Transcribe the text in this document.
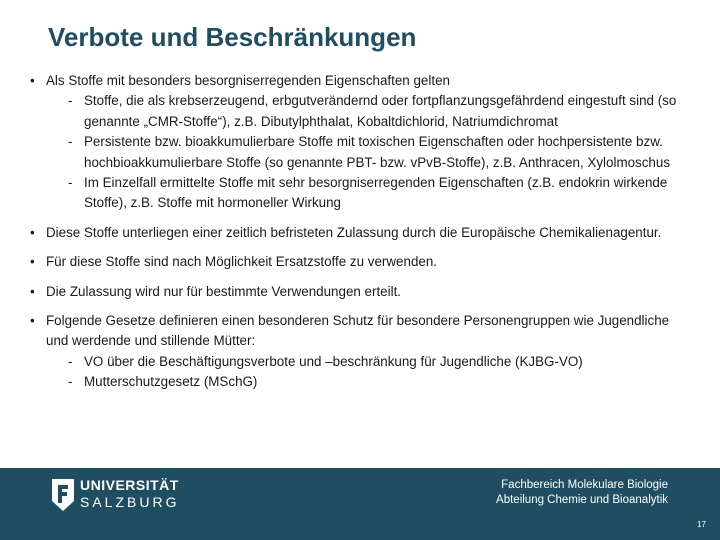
Verbote und Beschränkungen
• Als Stoffe mit besonders besorgniserregenden Eigenschaften gelten
- Stoffe, die als krebserzeugend, erbgutverändernd oder fortpflanzungsgefährdend eingestuft sind (so genannte „CMR-Stoffe“), z.B. Dibutylphthalat, Kobaltdichlorid, Natriumdichromat
- Persistente bzw. bioakkumulierbare Stoffe mit toxischen Eigenschaften oder hochpersistente bzw. hochbioakkumulierbare Stoffe (so genannte PBT- bzw. vPvB-Stoffe), z.B. Anthracen, Xylolmoschus
- Im Einzelfall ermittelte Stoffe mit sehr besorgniserregenden Eigenschaften (z.B. endokrin wirkende Stoffe), z.B. Stoffe mit hormoneller Wirkung
• Diese Stoffe unterliegen einer zeitlich befristeten Zulassung durch die Europäische Chemikalienagentur.
• Für diese Stoffe sind nach Möglichkeit Ersatzstoffe zu verwenden.
• Die Zulassung wird nur für bestimmte Verwendungen erteilt.
• Folgende Gesetze definieren einen besonderen Schutz für besondere Personengruppen wie Jugendliche und werdende und stillende Mütter:
- VO über die Beschäftigungsverbote und –beschränkung für Jugendliche (KJBG-VO)
- Mutterschutzgesetz (MSchG)
UNIVERSITÄT
SALZBURG
Fachbereich Molekulare Biologie
Abteilung Chemie und Bioanalytik
17
